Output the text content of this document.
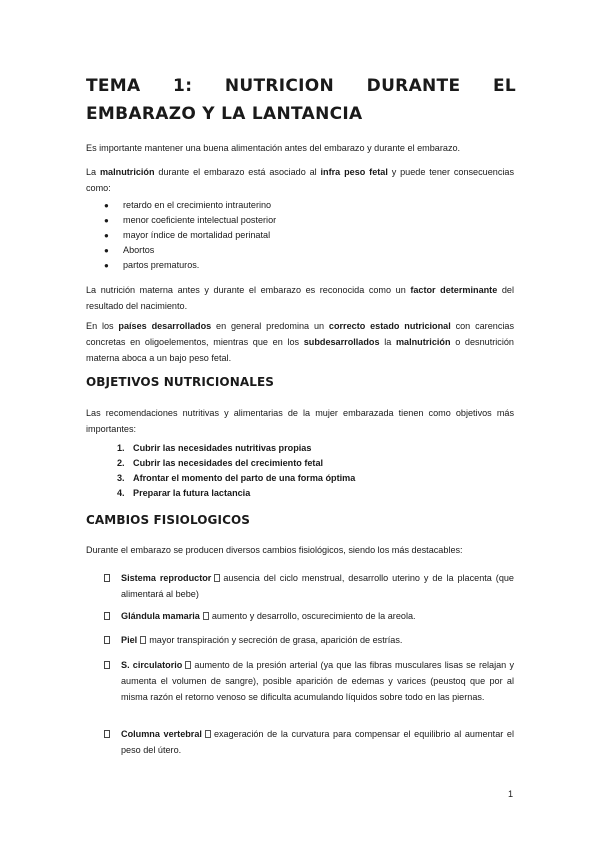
TEMA 1: NUTRICION DURANTE EL EMBARAZO Y LA LANTANCIA

Es importante mantener una buena alimentación antes del embarazo y durante el embarazo.

La malnutrición durante el embarazo está asociado al infra peso fetal y puede tener consecuencias como:

● retardo en el crecimiento intrauterino
● menor coeficiente intelectual posterior
● mayor índice de mortalidad perinatal
● Abortos
● partos prematuros.

La nutrición materna antes y durante el embarazo es reconocida como un factor determinante del resultado del nacimiento.

En los países desarrollados en general predomina un correcto estado nutricional con carencias concretas en oligoelementos, mientras que en los subdesarrollados la malnutrición o desnutrición materna aboca a un bajo peso fetal.

OBJETIVOS NUTRICIONALES

Las recomendaciones nutritivas y alimentarias de la mujer embarazada tienen como objetivos más importantes:

1. Cubrir las necesidades nutritivas propias
2. Cubrir las necesidades del crecimiento fetal
3. Afrontar el momento del parto de una forma óptima
4. Preparar la futura lactancia
CAMBIOS FISIOLOGICOS

Durante el embarazo se producen diversos cambios fisiológicos, siendo los más destacables:

Sistema reproductor ausencia del ciclo menstrual, desarrollo uterino y de la placenta (que alimentará al bebe)
Glándula mamaria aumento y desarrollo, oscurecimiento de la areola.
Piel mayor transpiración y secreción de grasa, aparición de estrías.
S. circulatorio aumento de la presión arterial (ya que las fibras musculares lisas se relajan y aumenta el volumen de sangre), posible aparición de edemas y varices (peustoq que por al misma razón el retorno venoso se dificulta acumulando líquidos sobre todo en las piernas.
Columna vertebral exageración de la curvatura para compensar el equilibrio al aumentar el peso del útero.

1
